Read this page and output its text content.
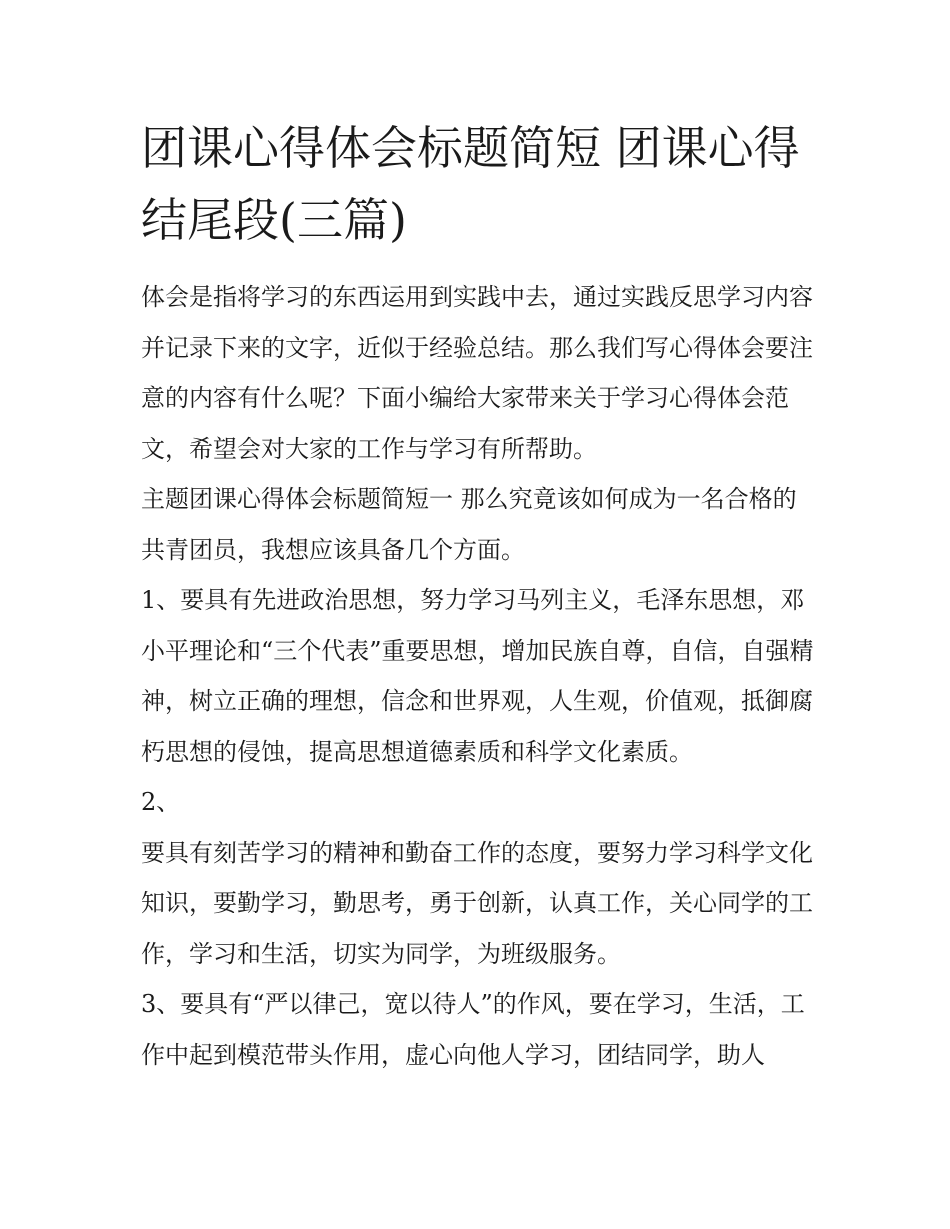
团课心得体会标题简短 团课心得结尾段(三篇)

体会是指将学习的东西运用到实践中去，通过实践反思学习内容并记录下来的文字，近似于经验总结。那么我们写心得体会要注意的内容有什么呢？下面小编给大家带来关于学习心得体会范文，希望会对大家的工作与学习有所帮助。

主题团课心得体会标题简短一 那么究竟该如何成为一名合格的共青团员，我想应该具备几个方面。

1、要具有先进政治思想，努力学习马列主义，毛泽东思想，邓小平理论和“三个代表”重要思想，增加民族自尊，自信，自强精神，树立正确的理想，信念和世界观，人生观，价值观，抵御腐朽思想的侵蚀，提高思想道德素质和科学文化素质。

2、

要具有刻苦学习的精神和勤奋工作的态度，要努力学习科学文化知识，要勤学习，勤思考，勇于创新，认真工作，关心同学的工作，学习和生活，切实为同学，为班级服务。

3、要具有“严以律己，宽以待人”的作风，要在学习，生活，工作中起到模范带头作用，虚心向他人学习，团结同学，助人
